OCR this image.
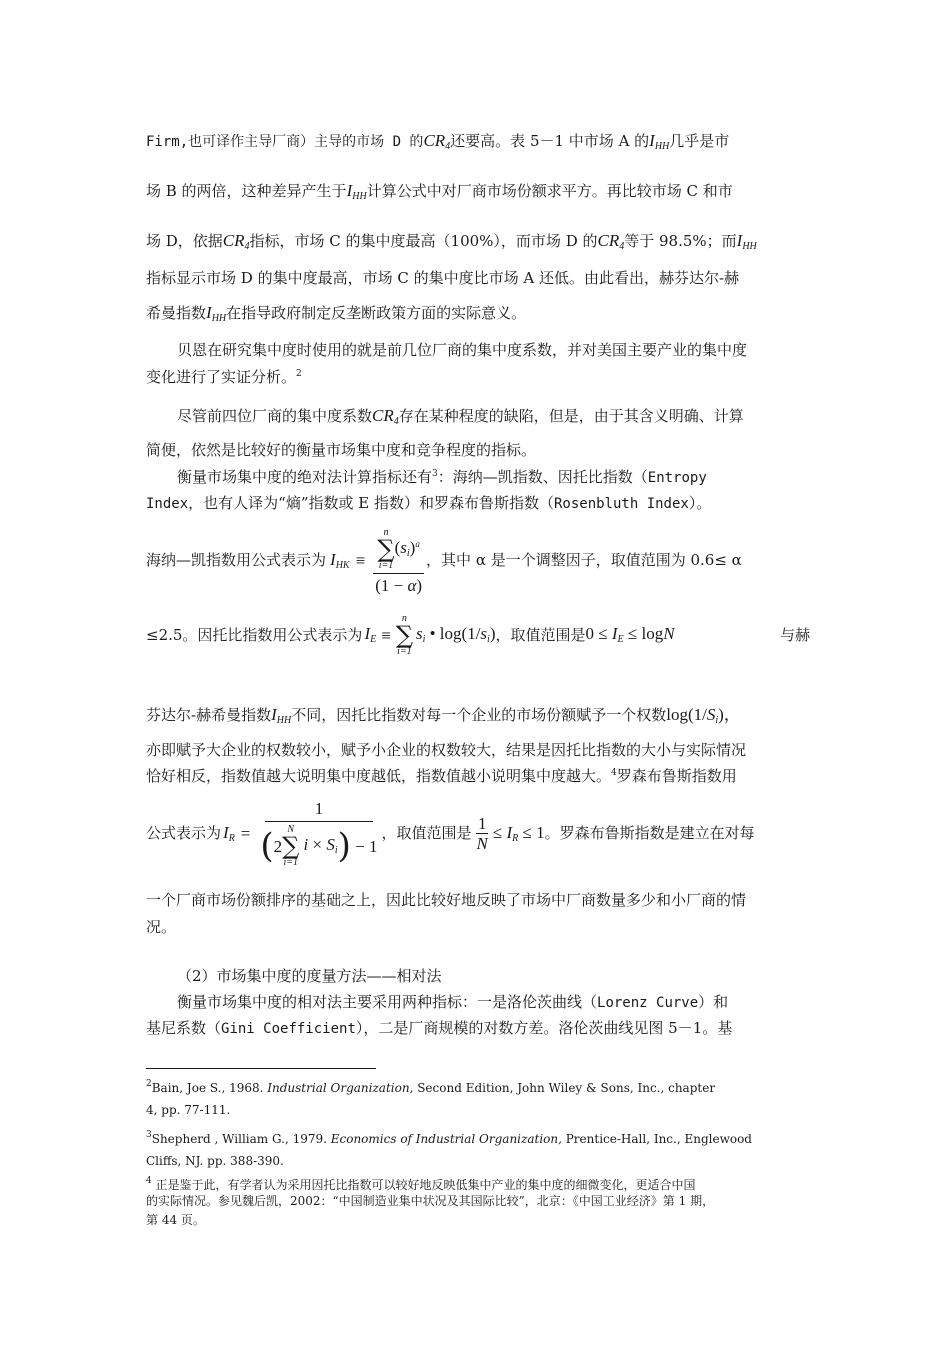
Firm,也可译作主导厂商）主导的市场 D 的$CR_4$还要高。表 5－1 中市场 A 的$I_{HH}$几乎是市
场 B 的两倍，这种差异产生于$I_{HH}$计算公式中对厂商市场份额求平方。再比较市场 C 和市
场 D，依据$CR_4$指标，市场 C 的集中度最高（100%），而市场 D 的$CR_4$等于 98.5%；而$I_{HH}$
指标显示市场 D 的集中度最高，市场 C 的集中度比市场 A 还低。由此看出，赫芬达尔-赫
希曼指数$I_{HH}$在指导政府制定反垄断政策方面的实际意义。
贝恩在研究集中度时使用的就是前几位厂商的集中度系数，并对美国主要产业的集中度
变化进行了实证分析。$^2$
尽管前四位厂商的集中度系数$CR_4$存在某种程度的缺陷，但是，由于其含义明确、计算
简便，依然是比较好的衡量市场集中度和竞争程度的指标。
衡量市场集中度的绝对法计算指标还有$^3$：海纳—凯指数、因托比指数（Entropy
Index，也有人译为“熵”指数或 E 指数）和罗森布鲁斯指数（Rosenbluth Index）。
海纳—凯指数用公式表示为 $I_{HK} \equiv n$
∑
i=1
$(s_i)^a$
(1 − α) ，其中 α 是一个调整因子，取值范围为 0.6≤ α
≤2.5。因托比指数用公式表示为 $I_E$ ≡
n
∑
i=1
$s_i$ • $\log(1/s_i)$ ，取值范围是 $0 \le I_E \le \log N$	与赫
芬达尔-赫希曼指数$I_{HH}$不同，因托比指数对每一个企业的市场份额赋予一个权数$\log(1/S_i)$，
亦即赋予大企业的权数较小，赋予小企业的权数较大，结果是因托比指数的大小与实际情况
恰好相反，指数值越大说明集中度越低，指数值越小说明集中度越大。$^4$罗森布鲁斯指数用
公式表示为 $I_R = 1$
( 2
N
∑
i=1
$i \times S_i$ ) − 1 ，取值范围是 $\frac{1}{N} \le I_R \le 1$ 。罗森布鲁斯指数是建立在对每
一个厂商市场份额排序的基础之上，因此比较好地反映了市场中厂商数量多少和小厂商的情
况。
（2）市场集中度的度量方法——相对法
衡量市场集中度的相对法主要采用两种指标：一是洛伦茨曲线（Lorenz Curve）和
基尼系数（Gini Coefficient），二是厂商规模的对数方差。洛伦茨曲线见图 5－1。基
$^2$Bain, Joe S., 1968. Industrial Organization, Second Edition, John Wiley & Sons, Inc., chapter
4, pp. 77-111.
$^3$Shepherd , William G., 1979. Economics of Industrial Organization, Prentice-Hall, Inc., Englewood
Cliffs, NJ. pp. 388-390.
$^4$ 正是鉴于此，有学者认为采用因托比指数可以较好地反映低集中产业的集中度的细微变化，更适合中国
的实际情况。参见魏后凯，2002：“中国制造业集中状况及其国际比较”，北京：《中国工业经济》第 1 期，
第 44 页。
